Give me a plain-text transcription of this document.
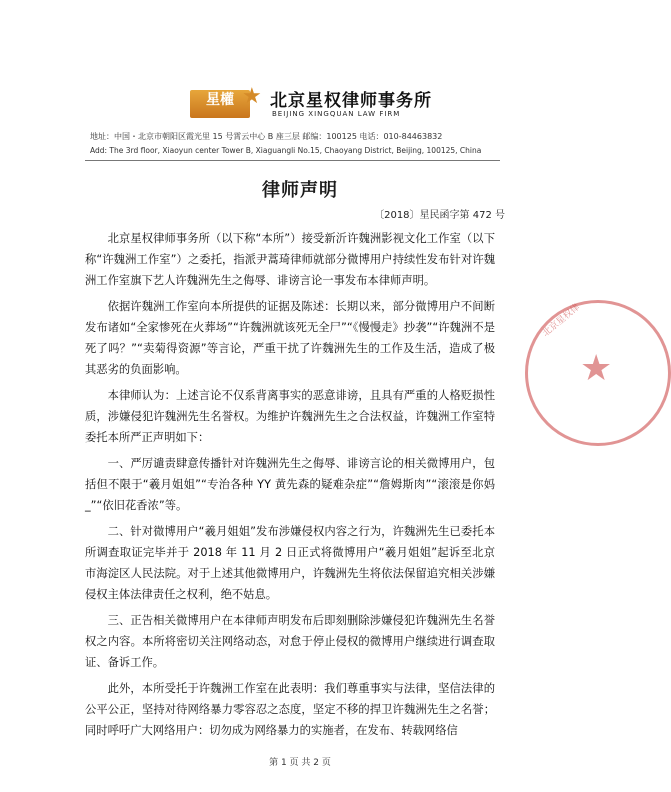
星權
XQLF
★ 北京星权律师事务所
BEIJING XINGQUAN LAW FIRM
地址：中国・北京市朝阳区霞光里 15 号霄云中心 B 座三层 邮编：100125 电话：010-84463832
Add: The 3rd floor, Xiaoyun center Tower B, Xiaguangli No.15, Chaoyang District, Beijing, 100125, China
律师声明
〔2018〕星民函字第 472 号

北京星权律师事务所（以下称“本所”）接受新沂许魏洲影视文化工作室（以下称“许魏洲工作室”）之委托，指派尹蒿琦律师就部分微博用户持续性发布针对许魏洲工作室旗下艺人许魏洲先生之侮辱、诽谤言论一事发布本律师声明。

依据许魏洲工作室向本所提供的证据及陈述：长期以来，部分微博用户不间断发布诸如“全家惨死在火葬场”“许魏洲就该死无全尸”“《慢慢走》抄袭”“许魏洲不是死了吗？”“卖菊得资源”等言论，严重干扰了许魏洲先生的工作及生活，造成了极其恶劣的负面影响。

本律师认为：上述言论不仅系背离事实的恶意诽谤，且具有严重的人格贬损性质，涉嫌侵犯许魏洲先生名誉权。为维护许魏洲先生之合法权益，许魏洲工作室特委托本所严正声明如下：

一、严厉谴责肆意传播针对许魏洲先生之侮辱、诽谤言论的相关微博用户，包括但不限于“羲月姐姐”“专治各种 YY 黄先森的疑难杂症”“詹姆斯肉”“滚滚是你妈_”“依旧花香浓”等。

二、针对微博用户“羲月姐姐”发布涉嫌侵权内容之行为，许魏洲先生已委托本所调查取证完毕并于 2018 年 11 月 2 日正式将微博用户“羲月姐姐”起诉至北京市海淀区人民法院。对于上述其他微博用户，许魏洲先生将依法保留追究相关涉嫌侵权主体法律责任之权利，绝不姑息。

三、正告相关微博用户在本律师声明发布后即刻删除涉嫌侵犯许魏洲先生名誉权之内容。本所将密切关注网络动态，对怠于停止侵权的微博用户继续进行调查取证、备诉工作。

此外，本所受托于许魏洲工作室在此表明：我们尊重事实与法律，坚信法律的公平公正，坚持对待网络暴力零容忍之态度，坚定不移的捍卫许魏洲先生之名誉；同时呼吁广大网络用户：切勿成为网络暴力的实施者，在发布、转载网络信

北京星权律
★
第 1 页 共 2 页
